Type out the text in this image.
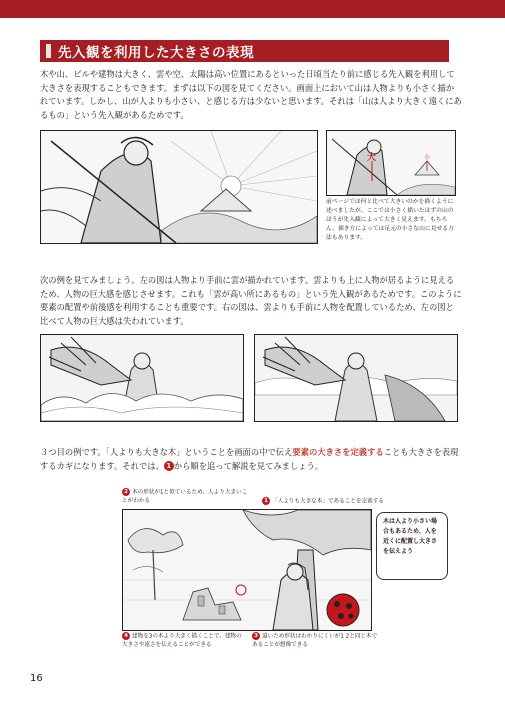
先入観を利用した大きさの表現

木や山、ビルや建物は大きく、雲や空、太陽は高い位置にあるといった日頃当たり前に感じる先入観を利用して大きさを表現することもできます。まずは以下の図を見てください。画面上において山は人物よりも小さく描かれています。しかし、山が人よりも小さい、と感じる方は少ないと思います。それは「山は人より大きく遠くにあるもの」という先入観があるためです。

大	小

前ページでは何と比べて大きいのかを描くように述べましたが、ここでは小さく描いたはずの山のほうが先入観によって大きく見えます。もちろん、描き方によっては足元の小さな山に見せる方法もあります。

次の例を見てみましょう。左の図は人物より手前に雲が描かれています。雲よりも上に人物が居るように見えるため、人物の巨大感を感じさせます。これも「雲が高い所にあるもの」という先入観があるためです。このように要素の配置や前後感を利用することも重要です。右の図は、雲よりも手前に人物を配置しているため、左の図と比べて人物の巨大感は失われています。

３つ目の例です。「人よりも大きな木」ということを画面の中で伝え要素の大きさを定義することも大きさを表現するカギになります。それでは、 1 から順を追って解説を見てみましょう。

2 木の形状が1と似ているため、人より大きいことがわかる	1 「人よりも大きな木」であることを定義する
木は人より小さい場合もあるため、人を近くに配置し大きさを伝えよう
4 建物を3の木より大きく描くことで、建物の大きさや遠さを伝えることができる
3 遠いため形状はわかりにくいが1 2と同じ木であることが想像できる
16
